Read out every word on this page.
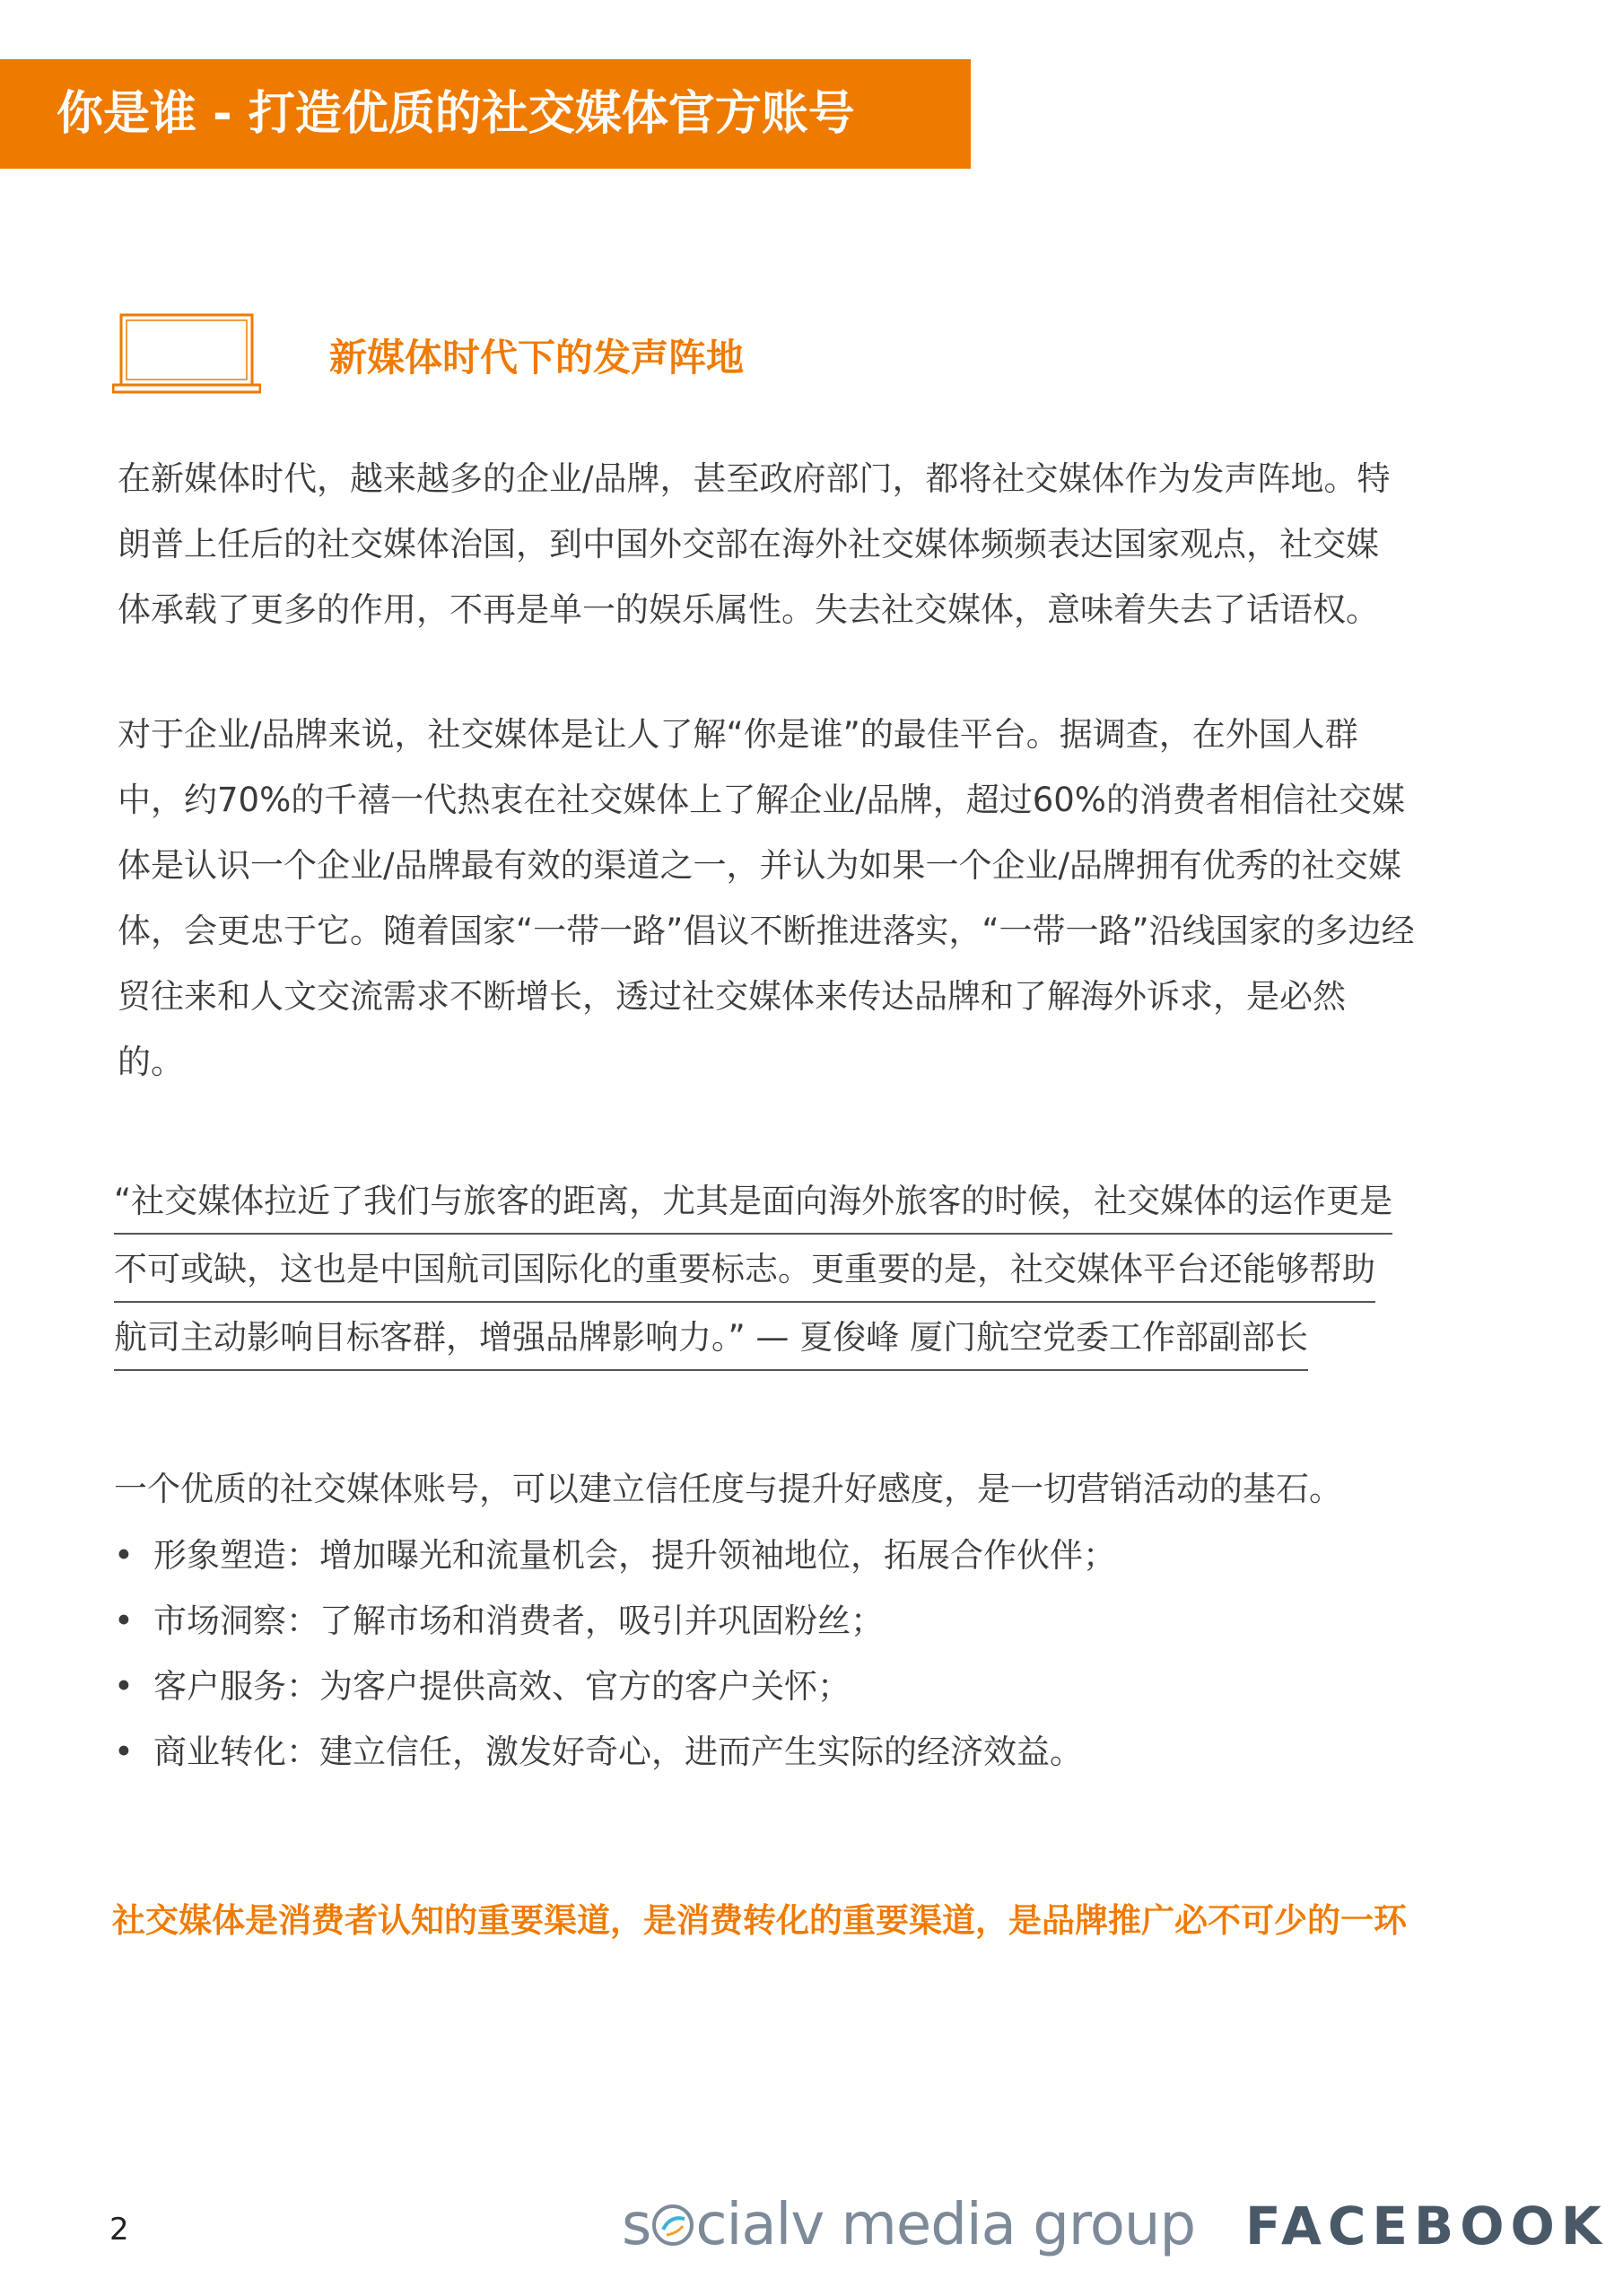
你是谁 - 打造优质的社交媒体官方账号
新媒体时代下的发声阵地

在新媒体时代，越来越多的企业/品牌，甚至政府部门，都将社交媒体作为发声阵地。特
朗普上任后的社交媒体治国，到中国外交部在海外社交媒体频频表达国家观点，社交媒
体承载了更多的作用，不再是单一的娱乐属性。失去社交媒体，意味着失去了话语权。

对于企业/品牌来说，社交媒体是让人了解“你是谁”的最佳平台。据调查，在外国人群
中，约70%的千禧一代热衷在社交媒体上了解企业/品牌，超过60%的消费者相信社交媒
体是认识一个企业/品牌最有效的渠道之一，并认为如果一个企业/品牌拥有优秀的社交媒
体，会更忠于它。随着国家“一带一路”倡议不断推进落实，“一带一路”沿线国家的多边经
贸往来和人文交流需求不断增长，透过社交媒体来传达品牌和了解海外诉求，是必然
的。

“社交媒体拉近了我们与旅客的距离，尤其是面向海外旅客的时候，社交媒体的运作更是
不可或缺，这也是中国航司国际化的重要标志。更重要的是，社交媒体平台还能够帮助
航司主动影响目标客群，增强品牌影响力。” — 夏俊峰 厦门航空党委工作部副部长

一个优质的社交媒体账号，可以建立信任度与提升好感度，是一切营销活动的基石。

• 形象塑造：增加曝光和流量机会，提升领袖地位，拓展合作伙伴；
• 市场洞察：了解市场和消费者，吸引并巩固粉丝；
• 客户服务：为客户提供高效、官方的客户关怀；
• 商业转化：建立信任，激发好奇心，进而产生实际的经济效益。

社交媒体是消费者认知的重要渠道，是消费转化的重要渠道，是品牌推广必不可少的一环

2	s cialv media group FACEBOOK
